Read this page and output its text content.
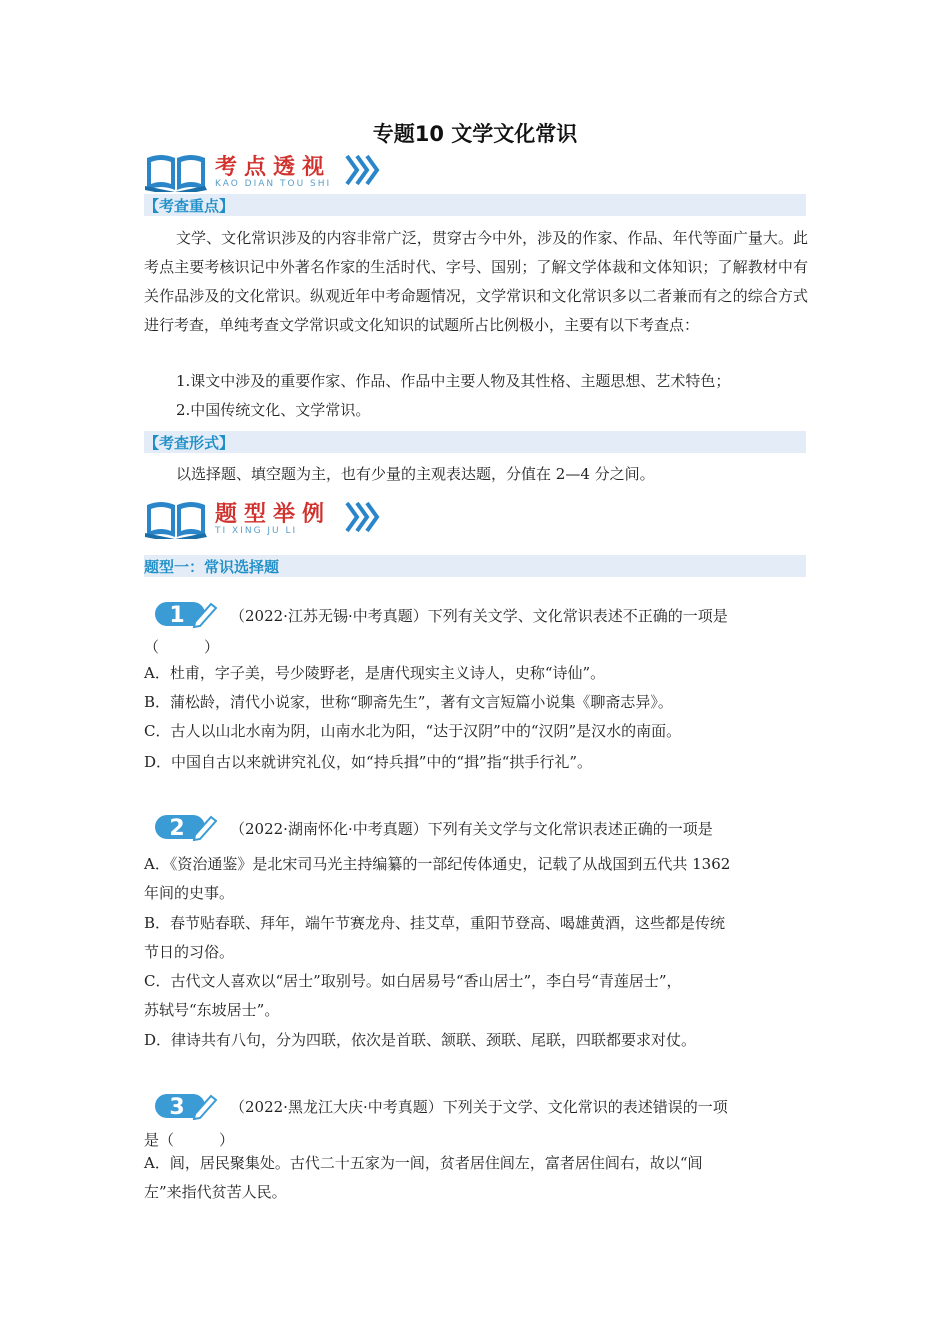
专题10 文学文化常识
考点透视
KAO DIAN TOU SHI
【考查重点】
文学、文化常识涉及的内容非常广泛，贯穿古今中外，涉及的作家、作品、年代等面广量大。此考点主要考核识记中外著名作家的生活时代、字号、国别；了解文学体裁和文体知识；了解教材中有关作品涉及的文化常识。纵观近年中考命题情况，文学常识和文化常识多以二者兼而有之的综合方式进行考查，单纯考查文学常识或文化知识的试题所占比例极小，主要有以下考查点：
1.课文中涉及的重要作家、作品、作品中主要人物及其性格、主题思想、艺术特色；
2.中国传统文化、文学常识。
【考查形式】
以选择题、填空题为主，也有少量的主观表达题，分值在 2—4 分之间。
题型举例
TI XING JU LI
题型一：常识选择题
1	（2022·江苏无锡·中考真题）下列有关文学、文化常识表述不正确的一项是
（　　　）
A．杜甫，字子美，号少陵野老，是唐代现实主义诗人，史称“诗仙”。
B．蒲松龄，清代小说家，世称“聊斋先生”，著有文言短篇小说集《聊斋志异》。
C．古人以山北水南为阴，山南水北为阳，“达于汉阴”中的“汉阴”是汉水的南面。
D．中国自古以来就讲究礼仪，如“持兵揖”中的“揖”指“拱手行礼”。
2	（2022·湖南怀化·中考真题）下列有关文学与文化常识表述正确的一项是
A．《资治通鉴》是北宋司马光主持编纂的一部纪传体通史，记载了从战国到五代共 1362
年间的史事。
B．春节贴春联、拜年，端午节赛龙舟、挂艾草，重阳节登高、喝雄黄酒，这些都是传统
节日的习俗。
C．古代文人喜欢以“居士”取别号。如白居易号“香山居士”，李白号“青莲居士”，
苏轼号“东坡居士”。
D．律诗共有八句，分为四联，依次是首联、颔联、颈联、尾联，四联都要求对仗。
3	（2022·黑龙江大庆·中考真题）下列关于文学、文化常识的表述错误的一项
是（　　　）
A．闾，居民聚集处。古代二十五家为一闾，贫者居住闾左，富者居住闾右，故以“闾
左”来指代贫苦人民。
